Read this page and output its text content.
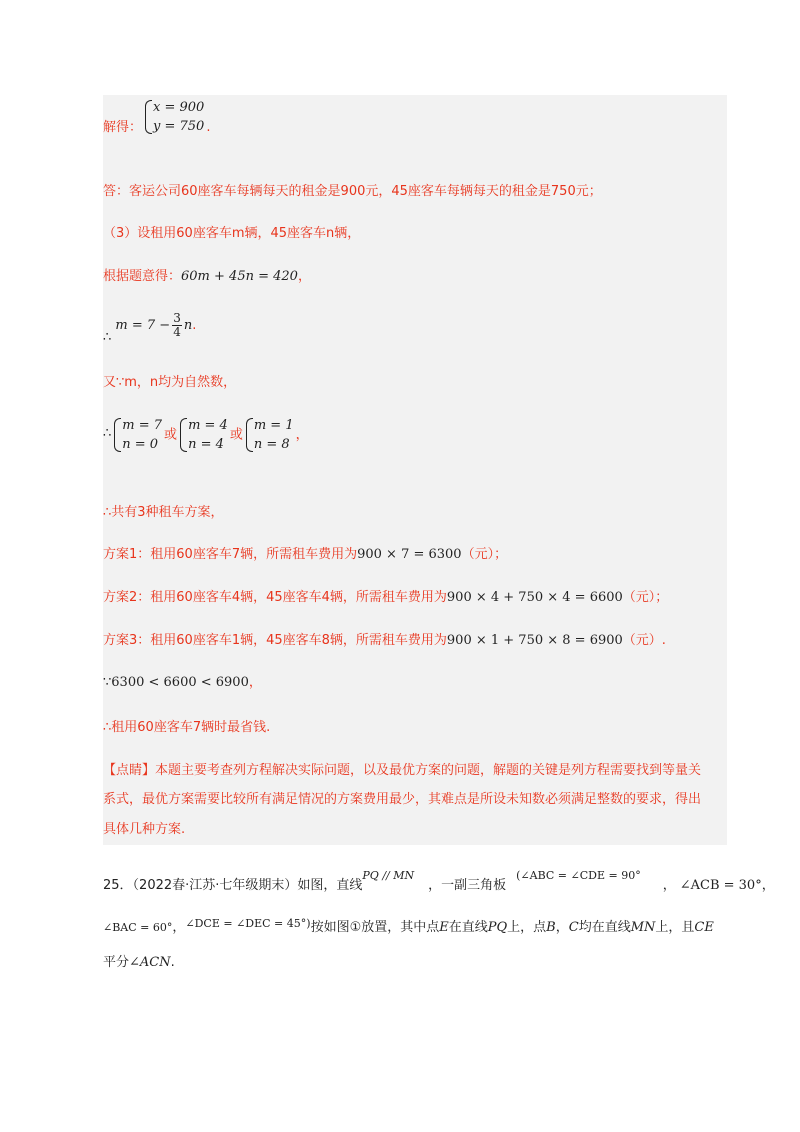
解得：
x = 900
y = 750 .
答：客运公司60座客车每辆每天的租金是900元，45座客车每辆每天的租金是750元；
（3）设租用60座客车m辆，45座客车n辆，
根据题意得：60m + 45n = 420，
∴ $m = 7 - \frac{3}{4} n$.
又∵m，n均为自然数，
∴ m = 7
n = 0
或
m = 4
n = 4
或
m = 1
n = 8
，
∴共有3种租车方案，
方案1：租用60座客车7辆，所需租车费用为900 × 7 = 6300（元）；
方案2：租用60座客车4辆，45座客车4辆，所需租车费用为900 × 4 + 750 × 4 = 6600（元）；
方案3：租用60座客车1辆，45座客车8辆，所需租车费用为900 × 1 + 750 × 8 = 6900（元）.
∵6300 < 6600 < 6900，
∴租用60座客车7辆时最省钱.
【点睛】本题主要考查列方程解决实际问题，以及最优方案的问题，解题的关键是列方程需要找到等量关
系式，最优方案需要比较所有满足情况的方案费用最少，其难点是所设未知数必须满足整数的要求，得出
具体几种方案.
25．（2022春·江苏·七年级期末）如图，直线$^{PQ // MN}$，一副三角板$^{(\angle ABC = \angle CDE = 90^\circ}$， ∠ACB = 30°，
∠BAC = 60°，$^{\angle DCE = \angle DEC = 45^\circ)}$按如图①放置，其中点E在直线PQ上，点B，C均在直线MN上，且CE
平分∠ACN.
